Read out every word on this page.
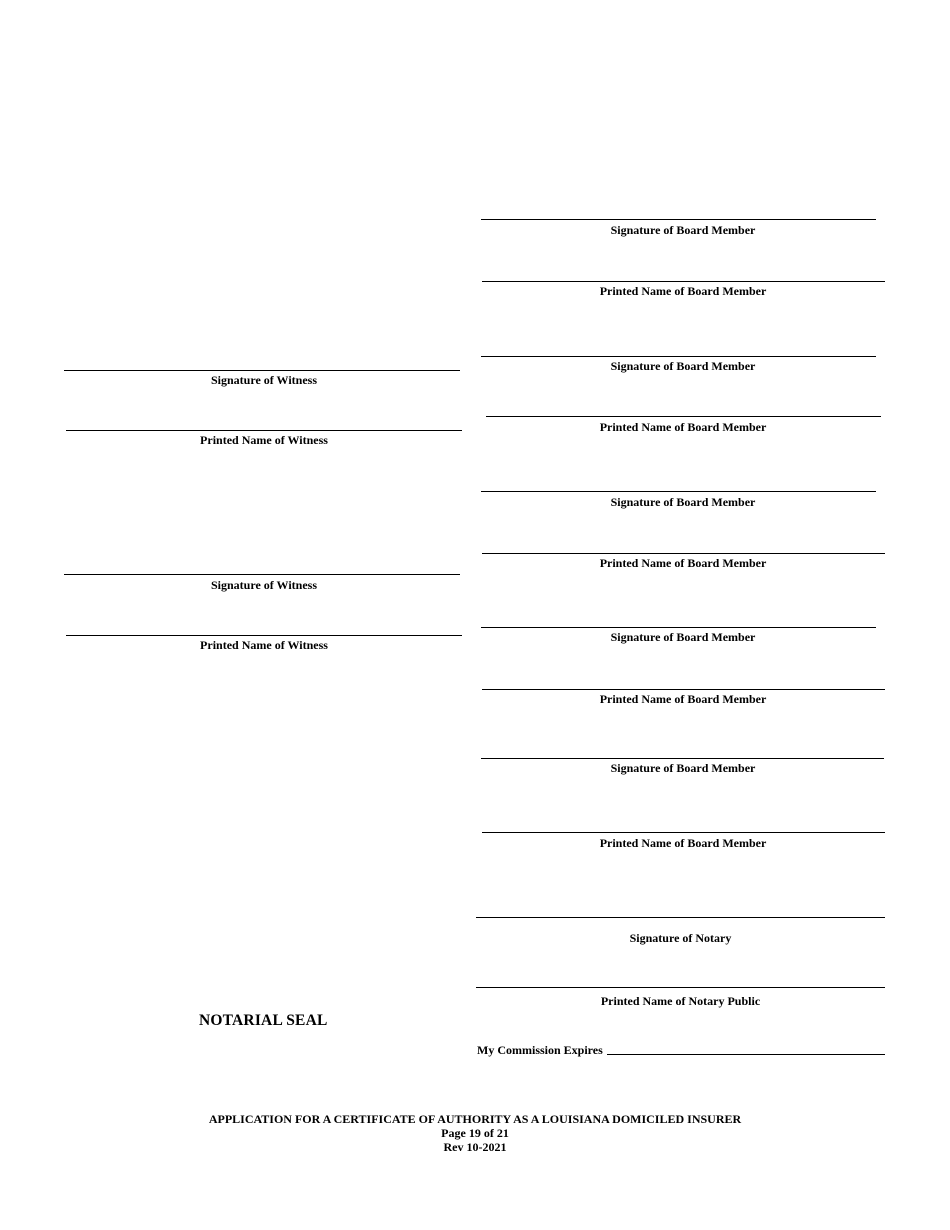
Signature of Board Member
Printed Name of Board Member
Signature of Board Member
Printed Name of Board Member
Signature of Board Member
Printed Name of Board Member
Signature of Board Member
Printed Name of Board Member
Signature of Board Member
Printed Name of Board Member
Signature of Witness
Printed Name of Witness
Signature of Witness
Printed Name of Witness
Signature of Notary
Printed Name of Notary Public
NOTARIAL SEAL
My Commission Expires
APPLICATION FOR A CERTIFICATE OF AUTHORITY AS A LOUISIANA DOMICILED INSURER
Page 19 of 21
Rev 10-2021
